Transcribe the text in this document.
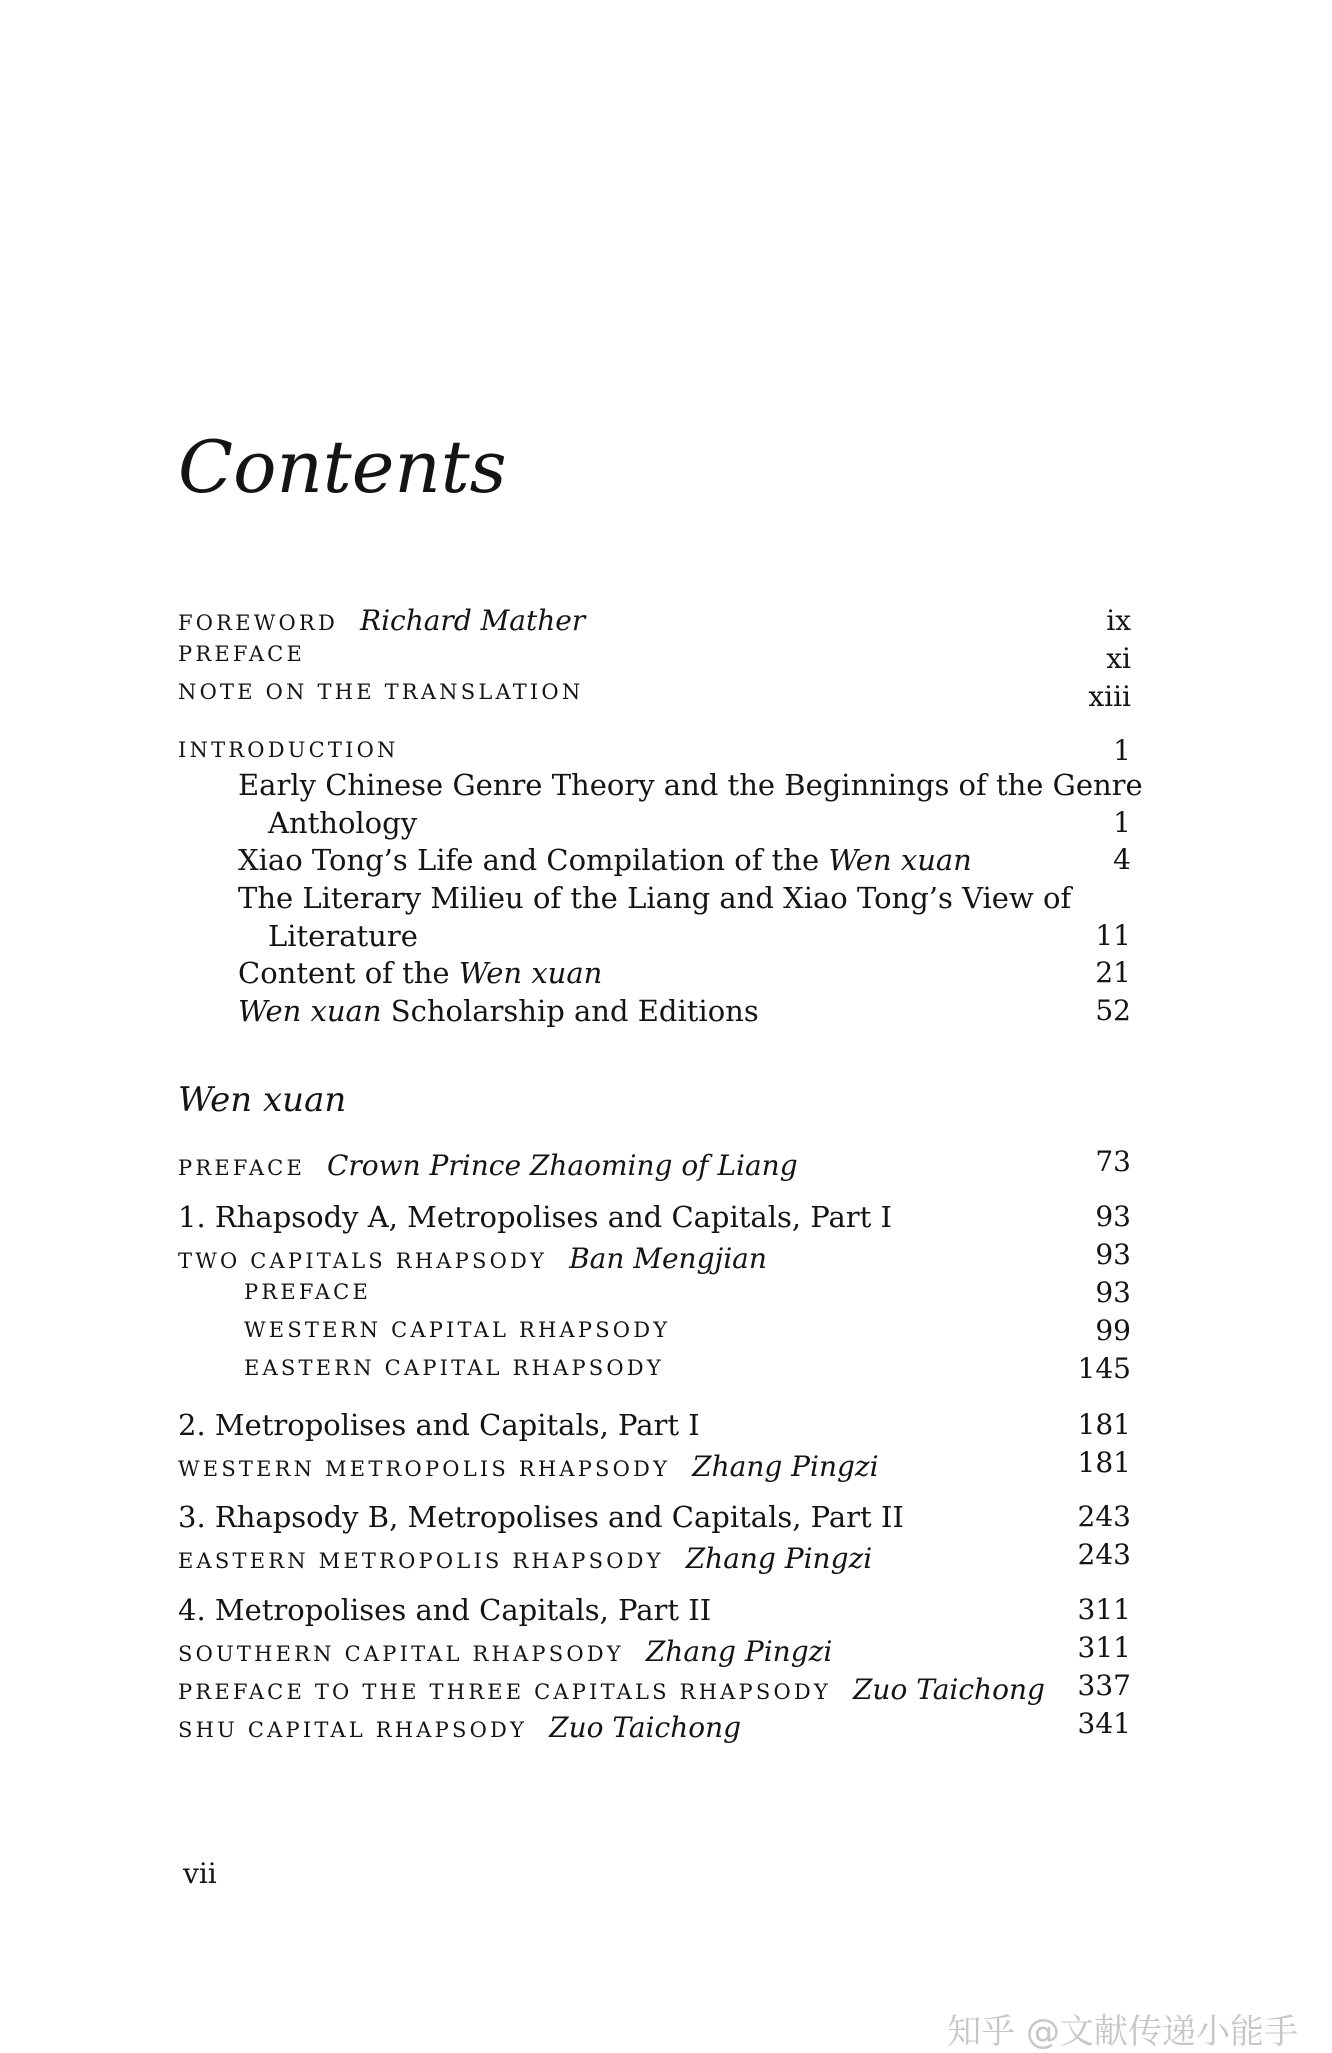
Contents
FOREWORD Richard Mather	ix
PREFACE	xi
NOTE ON THE TRANSLATION	xiii
INTRODUCTION	1
Early Chinese Genre Theory and the Beginnings of the Genre
Anthology	1
Xiao Tong’s Life and Compilation of the Wen xuan	4
The Literary Milieu of the Liang and Xiao Tong’s View of
Literature	11
Content of the Wen xuan	21
Wen xuan Scholarship and Editions	52
Wen xuan
PREFACE Crown Prince Zhaoming of Liang	73
1. Rhapsody A, Metropolises and Capitals, Part I	93
TWO CAPITALS RHAPSODY Ban Mengjian	93
PREFACE	93
WESTERN CAPITAL RHAPSODY	99
EASTERN CAPITAL RHAPSODY	145
2. Metropolises and Capitals, Part I	181
WESTERN METROPOLIS RHAPSODY Zhang Pingzi	181
3. Rhapsody B, Metropolises and Capitals, Part II	243
EASTERN METROPOLIS RHAPSODY Zhang Pingzi	243
4. Metropolises and Capitals, Part II	311
SOUTHERN CAPITAL RHAPSODY Zhang Pingzi	311
PREFACE TO THE THREE CAPITALS RHAPSODY Zuo Taichong 337
SHU CAPITAL RHAPSODY Zuo Taichong	341
vii
知乎 @文献传递小能手
